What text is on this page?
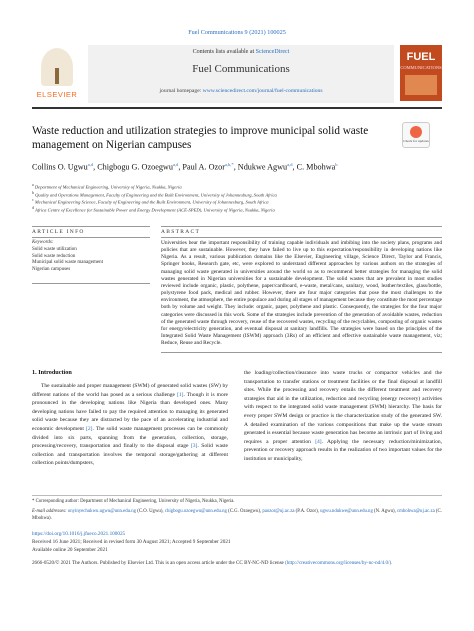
Fuel Communications 9 (2021) 100025
ELSEVIER
Contents lists available at ScienceDirect
Fuel Communications
journal homepage: www.sciencedirect.com/journal/fuel-communications
FUEL
COMMUNICATIONS
Waste reduction and utilization strategies to improve municipal solid waste management on Nigerian campuses	Check for updates
Collins O. Ugwu$^{a,d}$, Chigbogu G. Ozoegwu$^{a,d}$, Paul A. Ozor$^{a,b,*}$, Ndukwe Agwu$^{a,d}$, C. Mbohwa$^b$
$^a$ Department of Mechanical Engineering, University of Nigeria, Nsukka, Nigeria
$^b$ Quality and Operations Management, Faculty of Engineering and the Built Environment, University of Johannesburg, South Africa
$^c$ Mechanical Engineering Science, Faculty of Engineering and the Built Environment, University of Johannesburg, South Africa
$^d$ Africa Centre of Excellence for Sustainable Power and Energy Development (ACE-SPED), University of Nigeria, Nsukka, Nigeria
ARTICLE INFO	ABSTRACT
Keywords:
Solid waste utilization
Solid waste reduction
Municipal solid waste management
Nigerian campuses
Universities bear the important responsibility of training capable individuals and imbibing into the society plans, programs and policies that are sustainable. However, they have failed to live up to this expectation/responsibility in developing nations like Nigeria. As a result, various publication domains like the Elsevier, Engineering village, Science Direct, Taylor and Francis, Springer books, Research gate, etc, were explored to understand different approaches by various authors on the strategies of managing solid waste generated in universities around the world so as to recommend better strategies for managing the solid wastes generated in Nigerian universities for a sustainable development. The solid wastes that are prevalent in most studies reviewed include organic, plastic, polythene, paper/cardboard, e-waste, metal/cans, sanitary, wood, leather/textiles, glass/bottle, polystyrene food pack, medical and rubber. However, there are four major categories that pose the most challenges to the environment, the atmosphere, the entire populace and during all stages of management because they constitute the most percentage both by volume and weight. They include: organic, paper, polythene and plastic. Consequently, the strategies for the four major categories were discussed in this work. Some of the strategies include prevention of the generation of avoidable wastes, reduction of the generated waste through recovery, reuse of the recovered wastes, recycling of the recyclables, composting of organic wastes for energy/electricity generation, and eventual disposal at sanitary landfills. The strategies were based on the principles of the Integrated Solid Waste Management (ISWM) approach (3Rs) of an efficient and effective sustainable waste management, viz; Reduce, Reuse and Recycle.
1. Introduction
The sustainable and proper management (SWM) of generated solid wastes (SW) by different nations of the world has posed as a serious challenge [1]. Though it is more pronounced in the developing nations like Nigeria than developed ones. Many developing nations have failed to pay the required attention to managing its generated solid waste because they are distracted by the pace of an accelerating industrial and economic development [2]. The solid waste management processes can be commonly divided into six parts, spanning from the generation, collection, storage, processing/recovery, transportation and finally to the disposal stage [3]. Solid waste collection and transportation involves the temporal storage/gathering at different collection points/dumpsters,
the loading/collection/clearance into waste trucks or compactor vehicles and the transportation to transfer stations or treatment facilities or the final disposal at landfill sites. While the processing and recovery entails the different treatment and recovery strategies that aid in the utilization, reduction and recycling (energy recovery) activities with respect to the integrated solid waste management (SWM) hierarchy. The basis for every proper SWM design or practice is the characterization study of the generated SW. A detailed examination of the various compositions that make up the waste stream generated is essential because waste generation has become an intrinsic part of living and requires a proper attention [4]. Applying the necessary reduction/minimization, prevention or recovery approach results in the realization of two important values for the institution or municipality,
* Corresponding author: Department of Mechanical Engineering, University of Nigeria, Nsukka, Nigeria.
E-mail addresses: onyinyechukwu.ugwu@unn.edu.ng (C.O. Ugwu), chigbogu.ozoegwu@unn.edu.ng (C.G. Ozoegwu), paozor@uj.ac.za (P.A. Ozor), ugwu.ndukwe@unn.edu.ng (N. Agwu), cmbohwa@uj.ac.za (C. Mbohwa).
https://doi.org/10.1016/j.jfueco.2021.100025
Received 16 June 2021; Received in revised form 30 August 2021; Accepted 9 September 2021
Available online 20 September 2021
2666-0520/© 2021 The Authors. Published by Elsevier Ltd. This is an open access article under the CC BY-NC-ND license (http://creativecommons.org/licenses/by-nc-nd/4.0/).
